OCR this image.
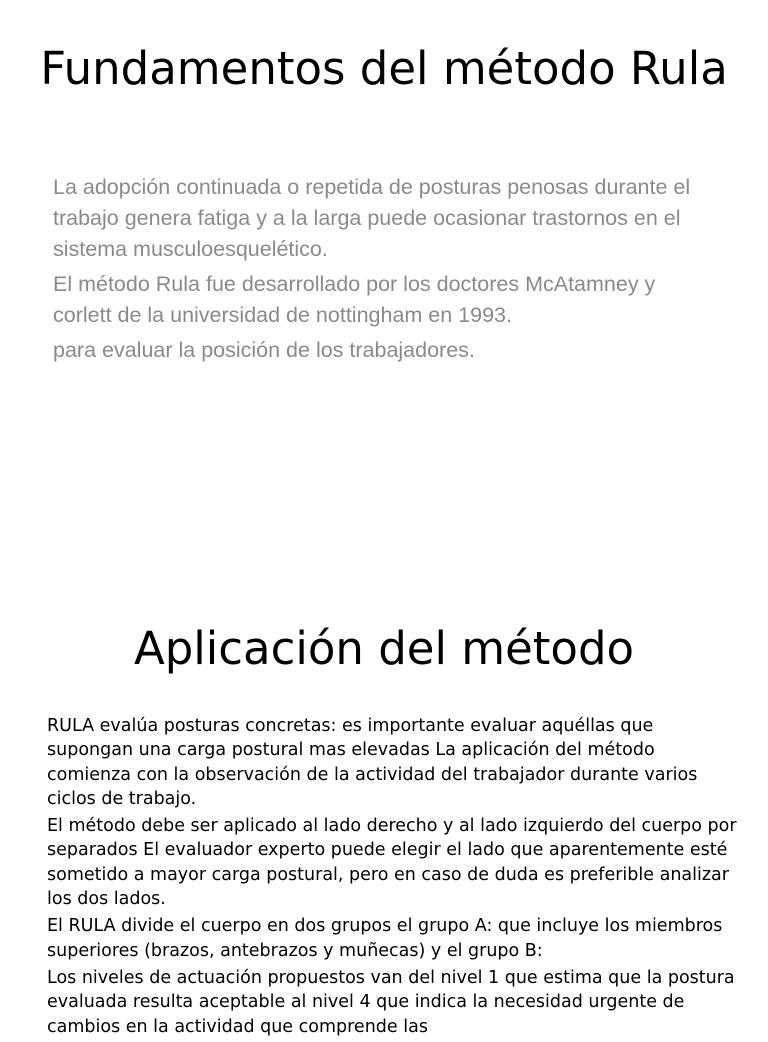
Fundamentos del método Rula

La adopción continuada o repetida de posturas penosas durante el trabajo genera fatiga y a la larga puede ocasionar trastornos en el sistema musculoesquelético.

El método Rula fue desarrollado por los doctores McAtamney y corlett de la universidad de nottingham en 1993.

para evaluar la posición de los trabajadores.

Aplicación del método

RULA evalúa posturas concretas: es importante evaluar aquéllas que supongan una carga postural mas elevadas La aplicación del método comienza con la observación de la actividad del trabajador durante varios ciclos de trabajo.

El método debe ser aplicado al lado derecho y al lado izquierdo del cuerpo por separados El evaluador experto puede elegir el lado que aparentemente esté sometido a mayor carga postural, pero en caso de duda es preferible analizar los dos lados.

El RULA divide el cuerpo en dos grupos el grupo A: que incluye los miembros superiores (brazos, antebrazos y muñecas) y el grupo B:

Los niveles de actuación propuestos van del nivel 1 que estima que la postura evaluada resulta aceptable al nivel 4 que indica la necesidad urgente de cambios en la actividad que comprende las
